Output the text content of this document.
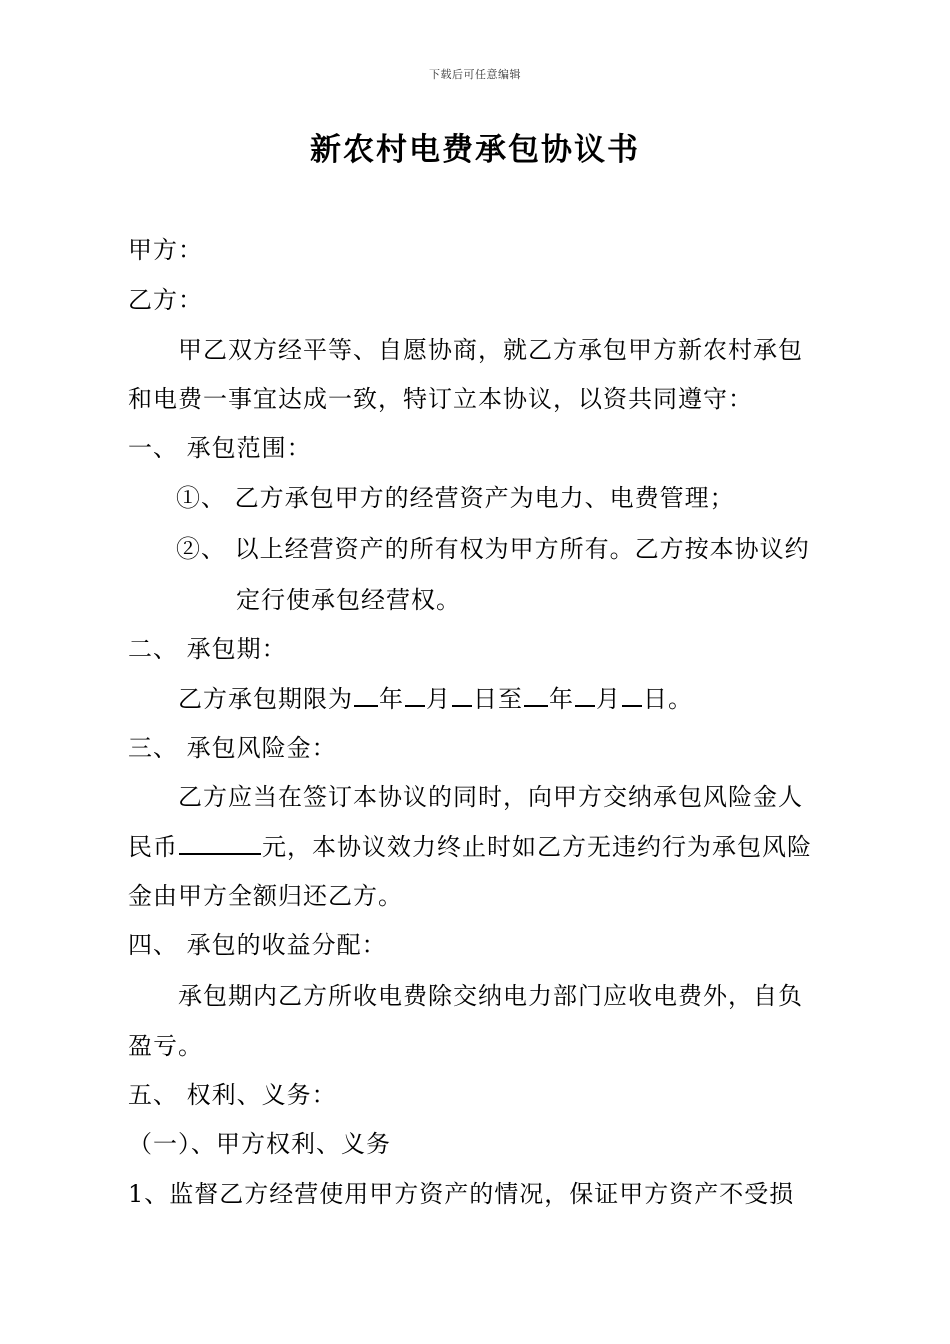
下载后可任意编辑
新农村电费承包协议书
甲方：
乙方：
甲乙双方经平等、自愿协商，就乙方承包甲方新农村承包
和电费一事宜达成一致，特订立本协议，以资共同遵守：
一、 承包范围：
①、 乙方承包甲方的经营资产为电力、电费管理；
②、 以上经营资产的所有权为甲方所有。乙方按本协议约
定行使承包经营权。
二、 承包期：
乙方承包期限为 年 月 日至 年 月 日。
三、 承包风险金：
乙方应当在签订本协议的同时，向甲方交纳承包风险金人
民币	元，本协议效力终止时如乙方无违约行为承包风险
金由甲方全额归还乙方。
四、 承包的收益分配：
承包期内乙方所收电费除交纳电力部门应收电费外，自负
盈亏。
五、 权利、义务：
（一）、甲方权利、义务
1、监督乙方经营使用甲方资产的情况，保证甲方资产不受损
